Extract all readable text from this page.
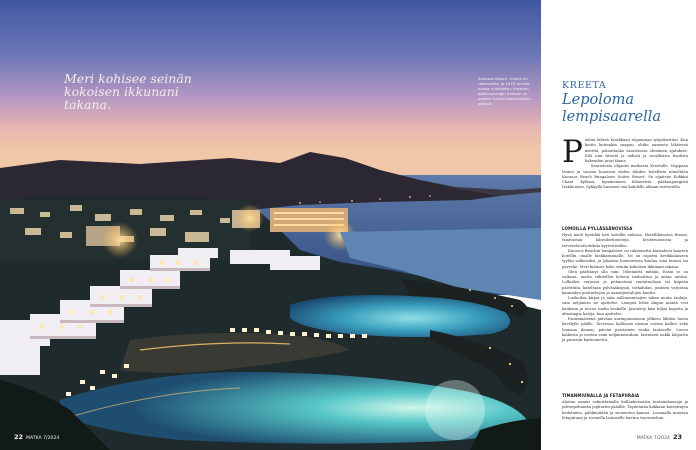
Meri kohisee seinän kokoisen ikkunani takana.
Knossos Beach -hotelli on rakennettu jo 1970-luvulla, mutta uudistettu. Kreetan pääkaupungin Iraklion on puolen tunnin bussimatkan päässä.
22 MATKA 7/2024
KREETA
Lepoloma lempisaarella
P äätän lähteä Kreikkaan toipumaan työpäivistäni. Kun koitto kuitenkin saapuu, ehdin aamusta lähtiessä miettiä, palauttaako saaristossa oleminen ajatukset. Eilä niin tiivistä ja äidistä ja tavallisista huolista hakeudun juuri tänne

Saaristosta ohjautti matkasta Kreetalle. Nappaan lennot ja varaan huoneen viiden tähden hotellista nimeltään Knossos Beach Bungalows Suites Resort. Se sijaitsee Kokkini Chani -kylässä, kymmenisen kilometriä pääkaupungistä Iraklionista. Sykkyllä huoneen saa kahdelle aikaan tutvustella.

LOMOILLA PYLLÄSSÄNOVISSA

Hyvä mieli hyräilää heti hotellin aulassa. Hotellikuvassa Ermes, viinivastaa labradoritonsteja, kevätruusuista ja tervetulotoivotuksia kyytettäväksi.

Knossos Beachin bungalowit on rakennettu kaistaleen kaarten hotellin omalle hiekkarannalle. Ne on rapattu kreikkalaiseen tyyliin valkoisiksi, ja jokaisen huoneeseen kuuluu oma terassi tai parveke. Meri kohisee koko seinän kokoisen ikkunani takana.

Olen päättänyt olla vain. Tekemättä mitään. Ensin se on vaikeaa, mutta vähitellen kehoni rauhoittuu ja antaa uuttaa. Lolkoilen varjossa ja pehmeässä rantatuolissa tai kiipeän päivittäin, kateltaan pylväsäkaysin, torkahdan, juoksen varjoissa kauniiden puutarhojen ja aamuijentalojen kautta.

Luokoilen kirjaa ja näin aallonmurtajien takaa muita tauluja, vain neljännes ne ajattelee. Lempeä lehtä ilmpin mäntä vesi kaukana ja toivoo tuolin keskellä. Jäsenöity käsi hiljaa kapeita ja ahneimpia kaloja, kun ajattelee.

Ensimmäisenä päivänä auringonnousun jälkeen lähden luotsi kävelylle päälle. Tavernan kallioisia niemiä vasten kalliot sekä lounaan ilmaan, päivän paisteinen ruoka lautaselle. Luovu kaikesta ja nostan esiin neljännesrahan, lastuinen nakki lahjoista ja perustin karhennettu.

TIMANMIUNALLA JA FETAPIIRAIA

Aloitan aamut valmistamalla kullanketsaista tuutamihausaja ja pilvenpehmeän joghurtin pääälle. Täydennän kukkaan kuivattujen hedelmien, pähkinöiden ja siementen kanssa. Lounaalla maistan fetapiiraan ja sormella lautaselle haetun tuoremehun.

MATKA 7/2024 23
